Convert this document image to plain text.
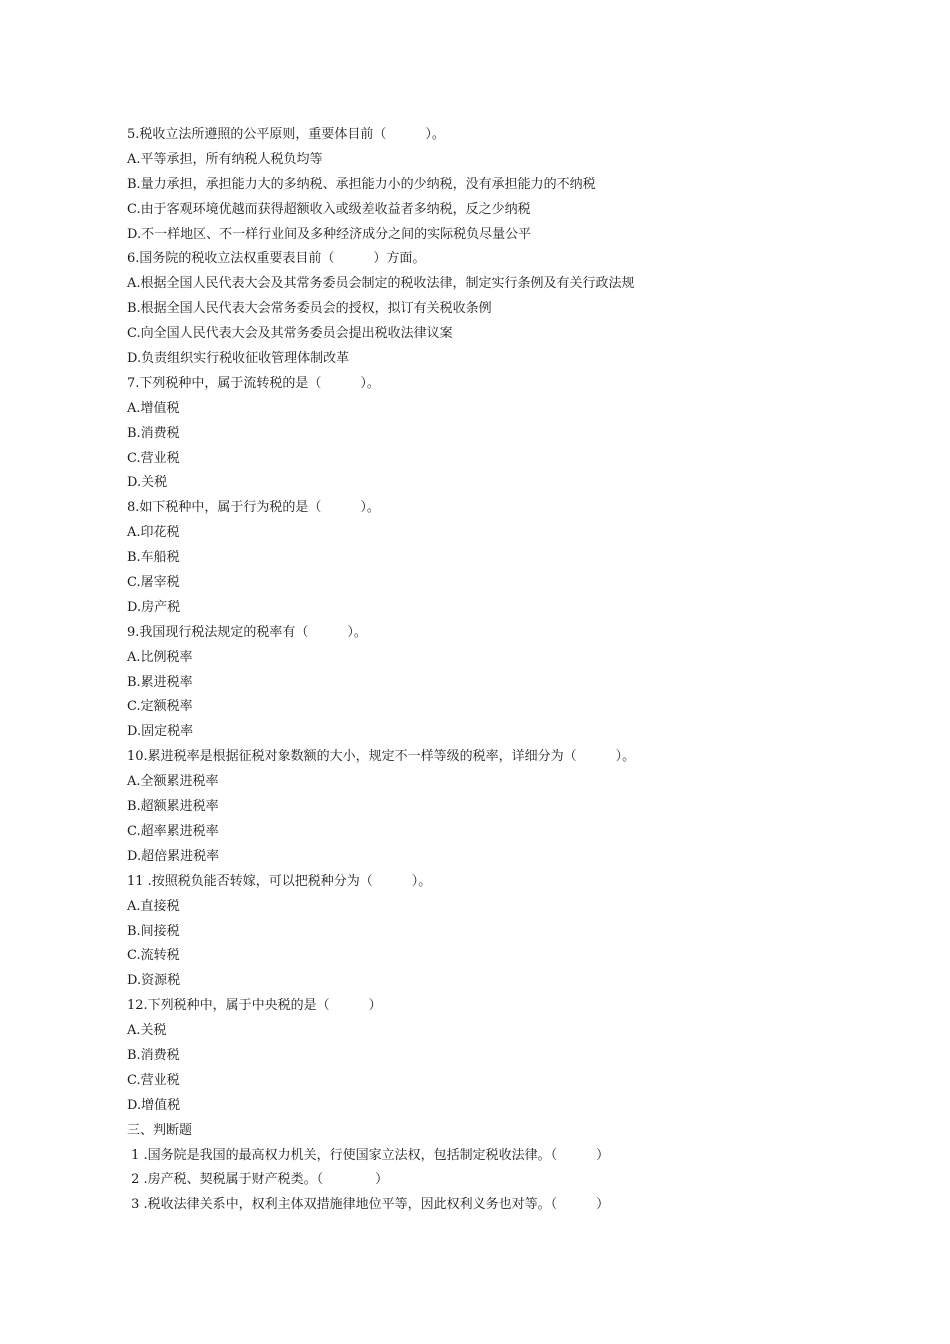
5.税收立法所遵照的公平原则，重要体目前（　　　）。
A.平等承担，所有纳税人税负均等
B.量力承担，承担能力大的多纳税、承担能力小的少纳税，没有承担能力的不纳税
C.由于客观环境优越而获得超额收入或级差收益者多纳税，反之少纳税
D.不一样地区、不一样行业间及多种经济成分之间的实际税负尽量公平
6.国务院的税收立法权重要表目前（　　　）方面。
A.根据全国人民代表大会及其常务委员会制定的税收法律，制定实行条例及有关行政法规
B.根据全国人民代表大会常务委员会的授权，拟订有关税收条例
C.向全国人民代表大会及其常务委员会提出税收法律议案
D.负责组织实行税收征收管理体制改革
7.下列税种中，属于流转税的是（　　　）。
A.增值税
B.消费税
C.营业税
D.关税
8.如下税种中，属于行为税的是（　　　）。
A.印花税
B.车船税
C.屠宰税
D.房产税
9.我国现行税法规定的税率有（　　　）。
A.比例税率
B.累进税率
C.定额税率
D.固定税率
10.累进税率是根据征税对象数额的大小，规定不一样等级的税率，详细分为（　　　）。
A.全额累进税率
B.超额累进税率
C.超率累进税率
D.超倍累进税率
11 .按照税负能否转嫁，可以把税种分为（　　　）。
A.直接税
B.间接税
C.流转税
D.资源税
12.下列税种中，属于中央税的是（　　　）
A.关税
B.消费税
C.营业税
D.增值税
三、判断题
1 .国务院是我国的最高权力机关，行使国家立法权，包括制定税收法律。（　　　）
2 .房产税、契税属于财产税类。（　　　　）
3 .税收法律关系中，权利主体双措施律地位平等，因此权利义务也对等。（　　　）
